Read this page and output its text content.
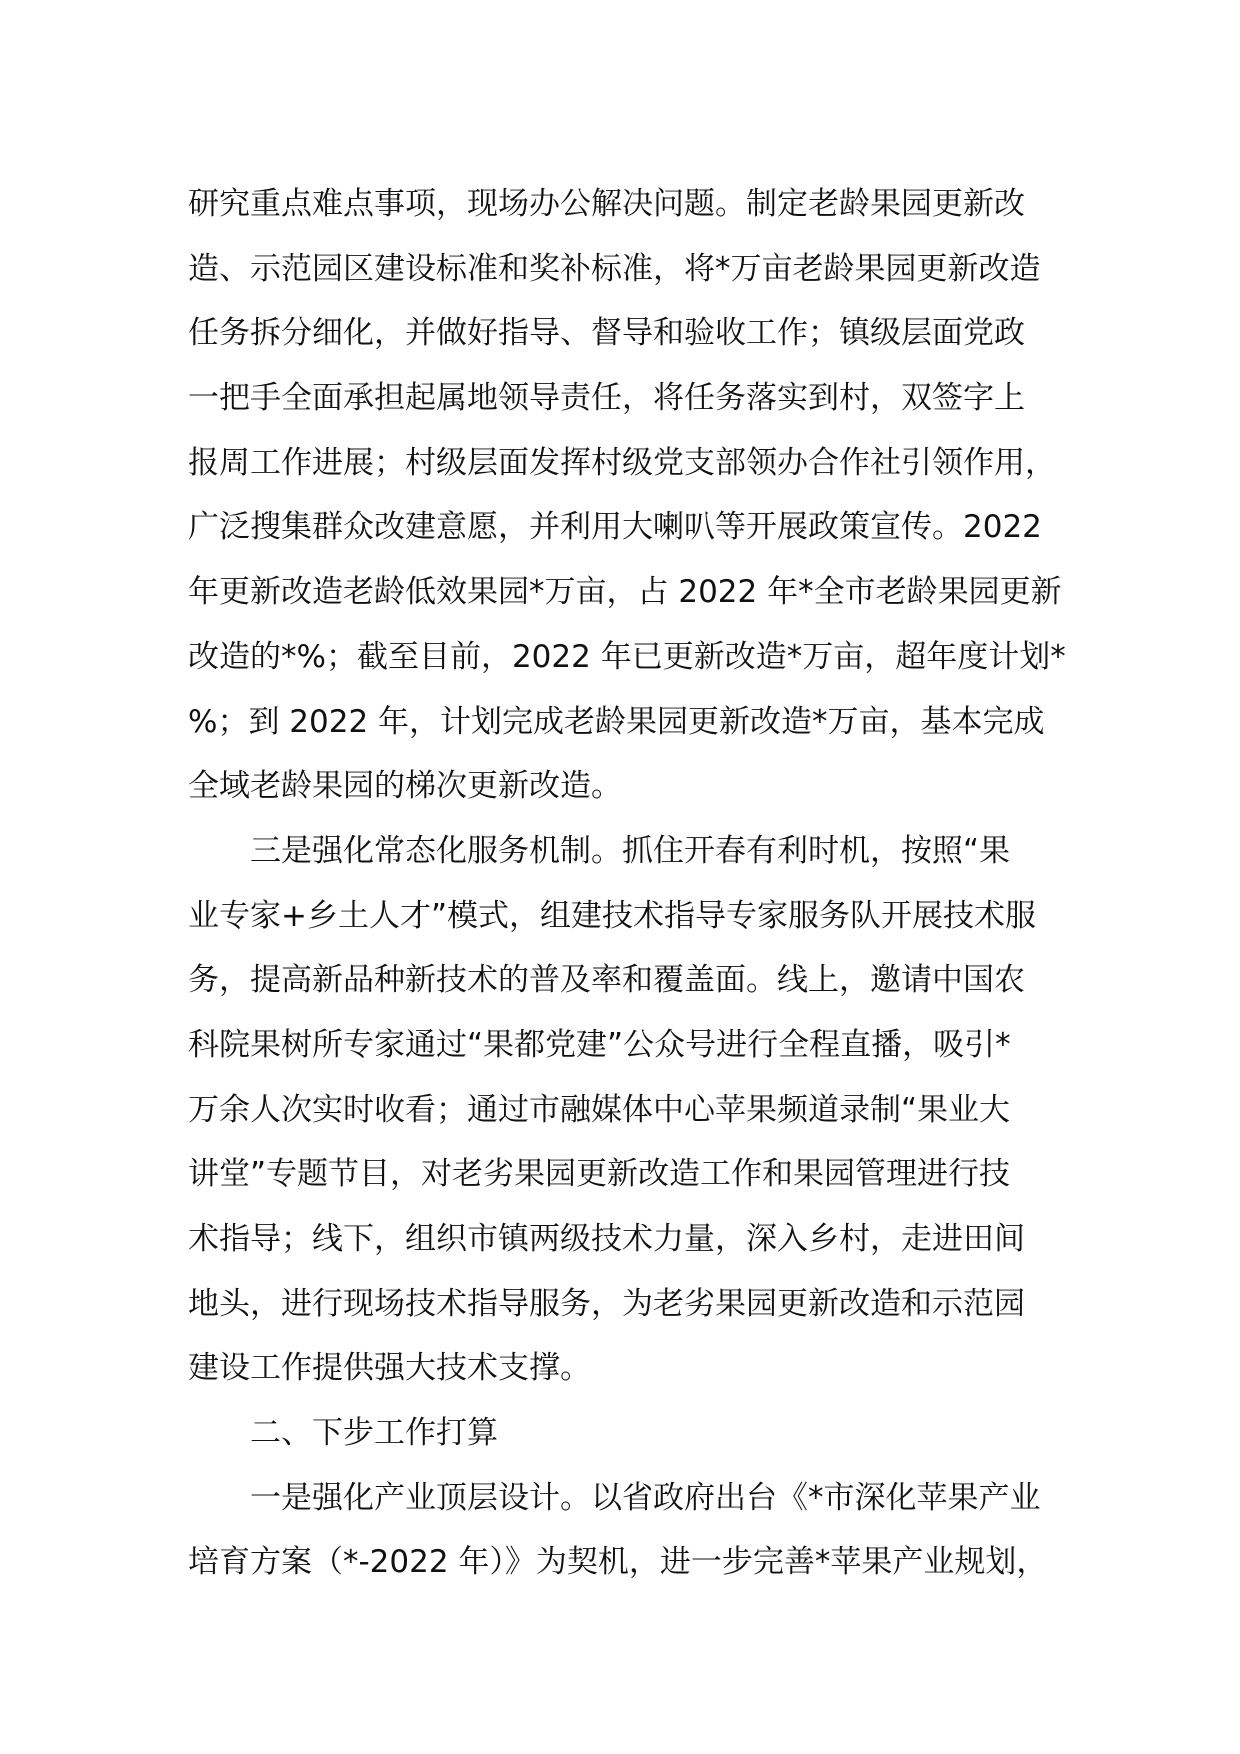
研究重点难点事项，现场办公解决问题。制定老龄果园更新改
造、示范园区建设标准和奖补标准，将*万亩老龄果园更新改造
任务拆分细化，并做好指导、督导和验收工作；镇级层面党政
一把手全面承担起属地领导责任，将任务落实到村，双签字上
报周工作进展；村级层面发挥村级党支部领办合作社引领作用，
广泛搜集群众改建意愿，并利用大喇叭等开展政策宣传。2022
年更新改造老龄低效果园*万亩，占 2022 年*全市老龄果园更新
改造的*%；截至目前，2022 年已更新改造*万亩，超年度计划*
%；到 2022 年，计划完成老龄果园更新改造*万亩，基本完成
全域老龄果园的梯次更新改造。
三是强化常态化服务机制。抓住开春有利时机，按照“果
业专家+乡土人才”模式，组建技术指导专家服务队开展技术服
务，提高新品种新技术的普及率和覆盖面。线上，邀请中国农
科院果树所专家通过“果都党建”公众号进行全程直播，吸引*
万余人次实时收看；通过市融媒体中心苹果频道录制“果业大
讲堂”专题节目，对老劣果园更新改造工作和果园管理进行技
术指导；线下，组织市镇两级技术力量，深入乡村，走进田间
地头，进行现场技术指导服务，为老劣果园更新改造和示范园
建设工作提供强大技术支撑。
二、下步工作打算
一是强化产业顶层设计。以省政府出台《*市深化苹果产业
培育方案（*-2022 年）》为契机，进一步完善*苹果产业规划，
